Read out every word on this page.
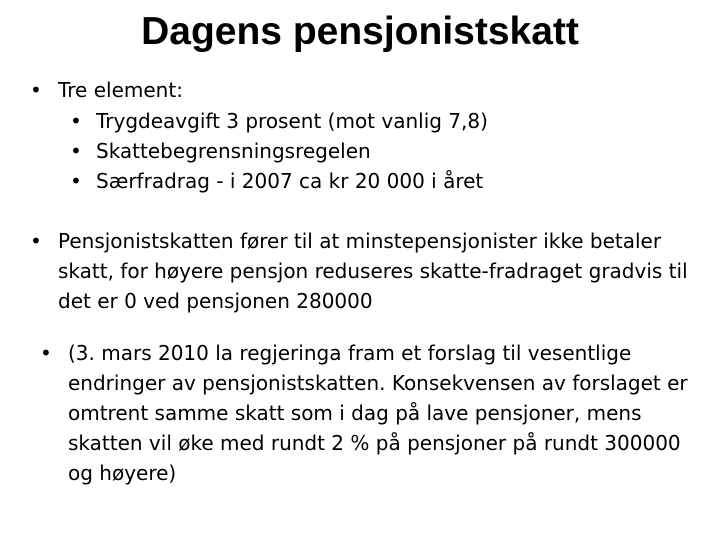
Dagens pensjonistskatt
• Tre element:
• Trygdeavgift 3 prosent (mot vanlig 7,8)
• Skattebegrensningsregelen
• Særfradrag - i 2007 ca kr 20 000 i året
• Pensjonistskatten fører til at minstepensjonister ikke betaler skatt, for høyere pensjon reduseres skatte-fradraget gradvis til det er 0 ved pensjonen 280000
• (3. mars 2010 la regjeringa fram et forslag til vesentlige endringer av pensjonistskatten. Konsekvensen av forslaget er omtrent samme skatt som i dag på lave pensjoner, mens skatten vil øke med rundt 2 % på pensjoner på rundt 300000 og høyere)
